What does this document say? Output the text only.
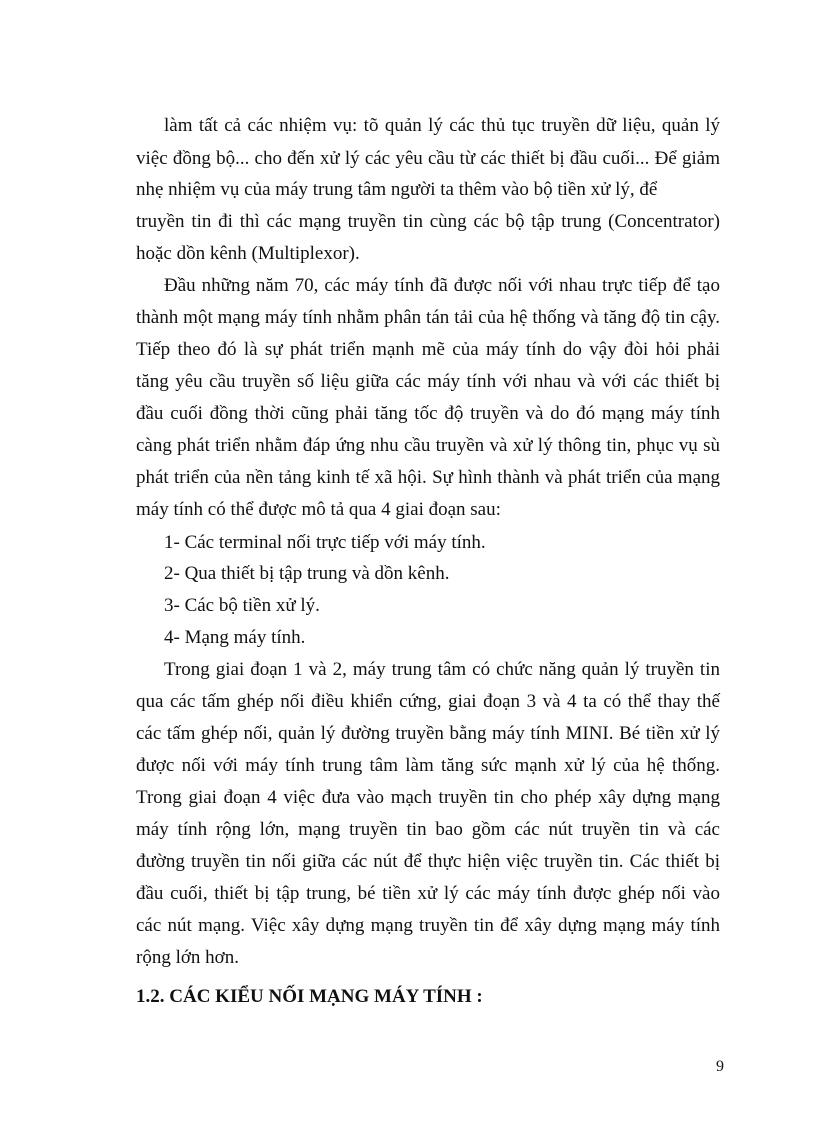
làm tất cả các nhiệm vụ: tõ quản lý các thủ tục truyền dữ liệu, quản lý
việc đồng bộ... cho đến xử lý các yêu cầu từ các thiết bị đầu cuối... Để giảm
nhẹ nhiệm vụ của máy trung tâm người ta thêm vào bộ tiền xử lý, để
truyền tin đi thì các mạng truyền tin cùng các bộ tập trung (Concentrator)
hoặc dồn kênh (Multiplexor).
Đầu những năm 70, các máy tính đã được nối với nhau trực tiếp để tạo
thành một mạng máy tính nhằm phân tán tải của hệ thống và tăng độ tin cậy.
Tiếp theo đó là sự phát triển mạnh mẽ của máy tính do vậy đòi hỏi phải
tăng yêu cầu truyền số liệu giữa các máy tính với nhau và với các thiết bị
đầu cuối đồng thời cũng phải tăng tốc độ truyền và do đó mạng máy tính
càng phát triển nhằm đáp ứng nhu cầu truyền và xử lý thông tin, phục vụ sù
phát triển của nền tảng kinh tế xã hội. Sự hình thành và phát triển của mạng
máy tính có thể được mô tả qua 4 giai đoạn sau:
1- Các terminal nối trực tiếp với máy tính.
2- Qua thiết bị tập trung và dồn kênh.
3- Các bộ tiền xử lý.
4- Mạng máy tính.
Trong giai đoạn 1 và 2, máy trung tâm có chức năng quản lý truyền tin
qua các tấm ghép nối điều khiển cứng, giai đoạn 3 và 4 ta có thể thay thế
các tấm ghép nối, quản lý đường truyền bằng máy tính MINI. Bé tiền xử lý
được nối với máy tính trung tâm làm tăng sức mạnh xử lý của hệ thống.
Trong giai đoạn 4 việc đưa vào mạch truyền tin cho phép xây dựng mạng
máy tính rộng lớn, mạng truyền tin bao gồm các nút truyền tin và các
đường truyền tin nối giữa các nút để thực hiện việc truyền tin. Các thiết bị
đầu cuối, thiết bị tập trung, bé tiền xử lý các máy tính được ghép nối vào
các nút mạng. Việc xây dựng mạng truyền tin để xây dựng mạng máy tính
rộng lớn hơn.
1.2. CÁC KIỂU NỐI MẠNG MÁY TÍNH :
9
